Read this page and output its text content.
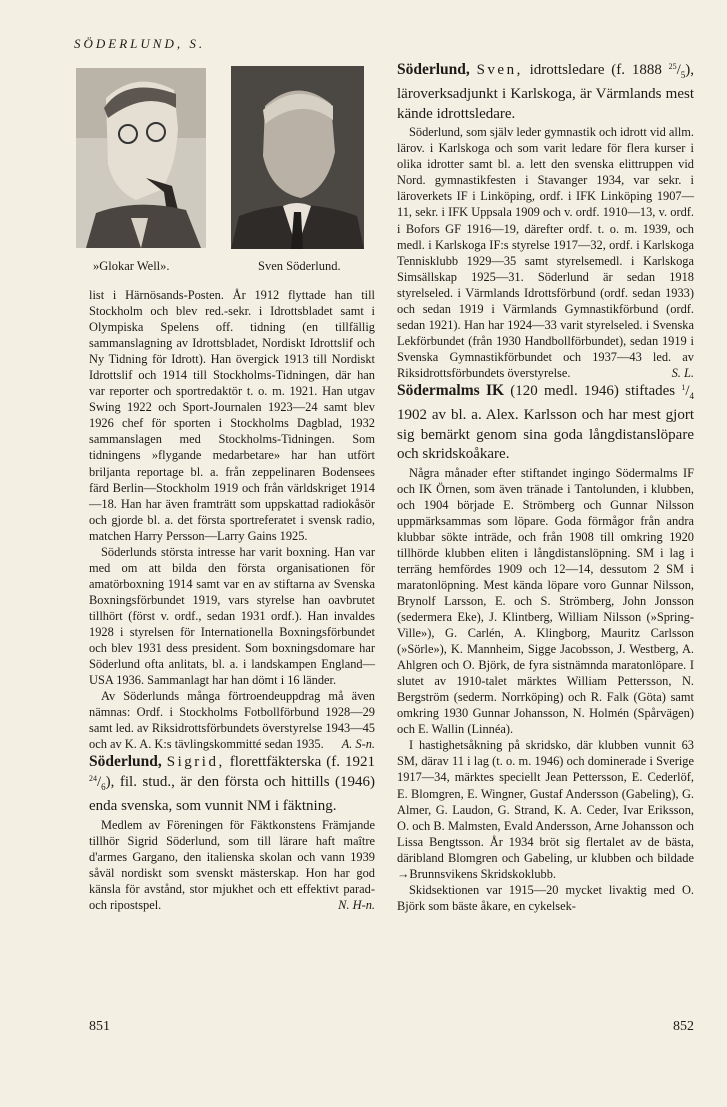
SÖDERLUND, S.
»Glokar Well».	Sven Söderlund.

list i Härnösands-Posten. År 1912 flyttade han till Stockholm och blev red.-sekr. i Idrottsbladet samt i Olympiska Spelens off. tidning (en tillfällig sammanslagning av Idrottsbladet, Nordiskt Idrottslif och Ny Tidning för Idrott). Han övergick 1913 till Nordiskt Idrottslif och 1914 till Stockholms-Tidningen, där han var reporter och sportredaktör t. o. m. 1921. Han utgav Swing 1922 och Sport-Journalen 1923—24 samt blev 1926 chef för sporten i Stockholms Dagblad, 1932 sammanslagen med Stockholms-Tidningen. Som tidningens »flygande medarbetare» har han utfört briljanta reportage bl. a. från zeppelinaren Bodensees färd Berlin—Stockholm 1919 och från världskriget 1914—18. Han har även framträtt som uppskattad radiokåsör och gjorde bl. a. det första sportreferatet i svensk radio, matchen Harry Persson—Larry Gains 1925.

Söderlunds största intresse har varit boxning. Han var med om att bilda den första organisationen för amatörboxning 1914 samt var en av stiftarna av Svenska Boxningsförbundet 1919, vars styrelse han oavbrutet tillhört (först v. ordf., sedan 1931 ordf.). Han invaldes 1928 i styrelsen för Internationella Boxningsförbundet och blev 1931 dess president. Som boxningsdomare har Söderlund ofta anlitats, bl. a. i landskampen England—USA 1936. Sammanlagt har han dömt i 16 länder.

Av Söderlunds många förtroendeuppdrag må även nämnas: Ordf. i Stockholms Fotbollförbund 1928—29 samt led. av Riksidrottsförbundets överstyrelse 1943—45 och av K. A. K:s tävlingskommitté sedan 1935.	A. S-n.

Söderlund, Sigrid, florettfäkterska (f. 1921 $^{24}/_6$), fil. stud., är den första och hittills (1946) enda svenska, som vunnit NM i fäktning.

Medlem av Föreningen för Fäktkonstens Främjande tillhör Sigrid Söderlund, som till lärare haft maître d'armes Gargano, den italienska skolan och vann 1939 såväl nordiskt som svenskt mästerskap. Hon har god känsla för avstånd, stor mjukhet och ett effektivt parad- och ripostspel.	N. H-n.

Söderlund, Sven, idrottsledare (f. 1888 $^{25}/_5$), läroverksadjunkt i Karlskoga, är Värmlands mest kände idrottsledare.

Söderlund, som själv leder gymnastik och idrott vid allm. lärov. i Karlskoga och som varit ledare för flera kurser i olika idrotter samt bl. a. lett den svenska elittruppen vid Nord. gymnastikfesten i Stavanger 1934, var sekr. i läroverkets IF i Linköping, ordf. i IFK Linköping 1907—11, sekr. i IFK Uppsala 1909 och v. ordf. 1910—13, v. ordf. i Bofors GF 1916—19, därefter ordf. t. o. m. 1939, och medl. i Karlskoga IF:s styrelse 1917—32, ordf. i Karlskoga Tennisklubb 1929—35 samt styrelsemedl. i Karlskoga Simsällskap 1925—31. Söderlund är sedan 1918 styrelseled. i Värmlands Idrottsförbund (ordf. sedan 1933) och sedan 1919 i Värmlands Gymnastikförbund (ordf. sedan 1921). Han har 1924—33 varit styrelseled. i Svenska Lekförbundet (från 1930 Handbollförbundet), sedan 1919 i Svenska Gymnastikförbundet och 1937—43 led. av Riksidrottsförbundets överstyrelse.	S. L.

Södermalms IK (120 medl. 1946) stiftades $^1/_4$ 1902 av bl. a. Alex. Karlsson och har mest gjort sig bemärkt genom sina goda långdistanslöpare och skridskoåkare.

Några månader efter stiftandet ingingo Södermalms IF och IK Örnen, som även tränade i Tantolunden, i klubben, och 1904 började E. Strömberg och Gunnar Nilsson uppmärksammas som löpare. Goda förmågor från andra klubbar sökte inträde, och från 1908 till omkring 1920 tillhörde klubben eliten i långdistanslöpning. SM i lag i terräng hemfördes 1909 och 12—14, dessutom 2 SM i maratonlöpning. Mest kända löpare voro Gunnar Nilsson, Brynolf Larsson, E. och S. Strömberg, John Jonsson (sedermera Eke), J. Klintberg, William Nilsson (»Spring-Ville»), G. Carlén, A. Klingborg, Mauritz Carlsson (»Sörle»), K. Mannheim, Sigge Jacobsson, J. Westberg, A. Ahlgren och O. Björk, de fyra sistnämnda maratonlöpare. I slutet av 1910-talet märktes William Pettersson, N. Bergström (sederm. Norrköping) och R. Falk (Göta) samt omkring 1930 Gunnar Johansson, N. Holmén (Spårvägen) och E. Wallin (Linnéa).

I hastighetsåkning på skridsko, där klubben vunnit 63 SM, därav 11 i lag (t. o. m. 1946) och dominerade i Sverige 1917—34, märktes speciellt Jean Pettersson, E. Cederlöf, E. Blomgren, E. Wingner, Gustaf Andersson (Gabeling), G. Almer, G. Laudon, G. Strand, K. A. Ceder, Ivar Eriksson, O. och B. Malmsten, Evald Andersson, Arne Johansson och Lissa Bengtsson. År 1934 bröt sig flertalet av de bästa, däribland Blomgren och Gabeling, ur klubben och bildade →Brunnsvikens Skridskoklubb.

Skidsektionen var 1915—20 mycket livaktig med O. Björk som bäste åkare, en cykelsek-

851	852
